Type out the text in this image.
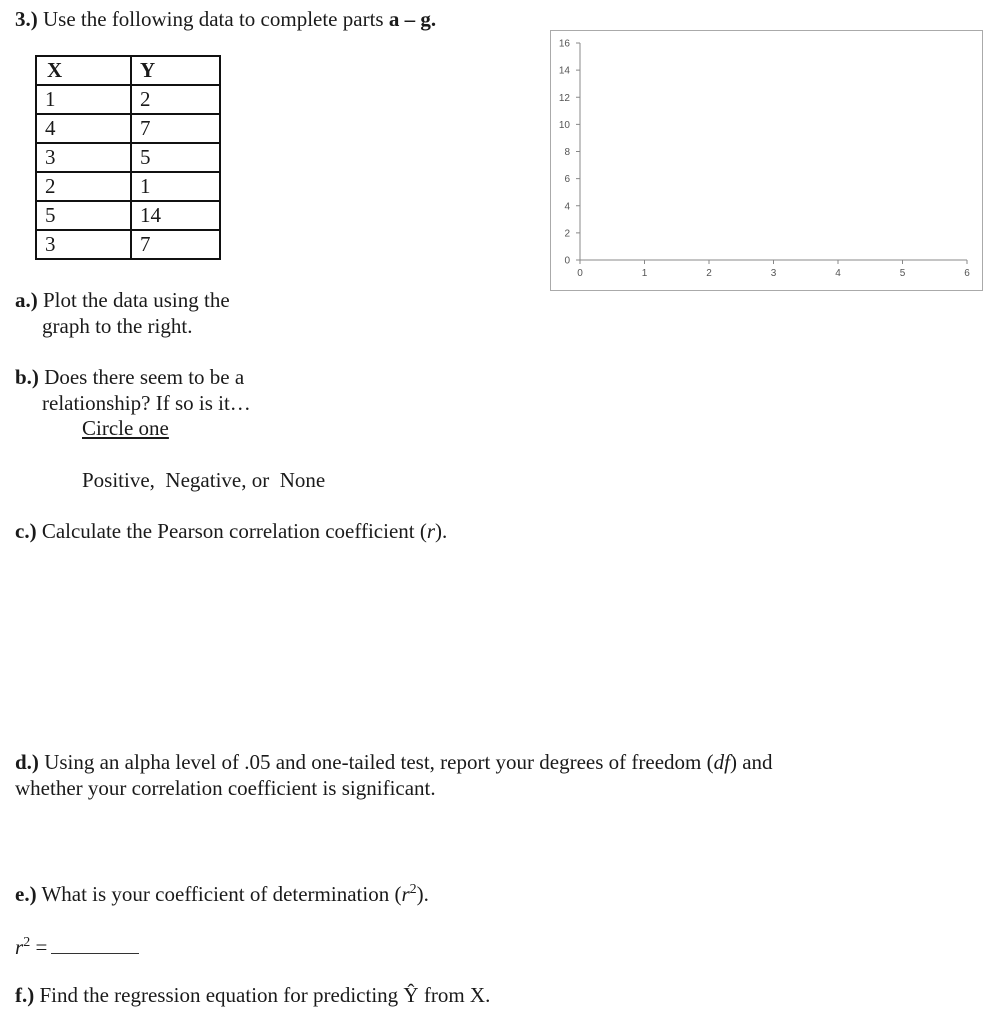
3.) Use the following data to complete parts a – g.
X	Y
1	2
4	7
3	5
2	1
5	14
3	7
0
2
4
6
8
10
12
14
16
0	1	2	3	4	5	6
a.) Plot the data using the
graph to the right.
b.) Does there seem to be a
relationship? If so is it…
Circle one
Positive,  Negative, or  None
c.) Calculate the Pearson correlation coefficient (r).
d.) Using an alpha level of .05 and one-tailed test, report your degrees of freedom (df) and
whether your correlation coefficient is significant.
e.) What is your coefficient of determination $(r^2)$.
$r^2$ =
f.) Find the regression equation for predicting Ŷ from X.
